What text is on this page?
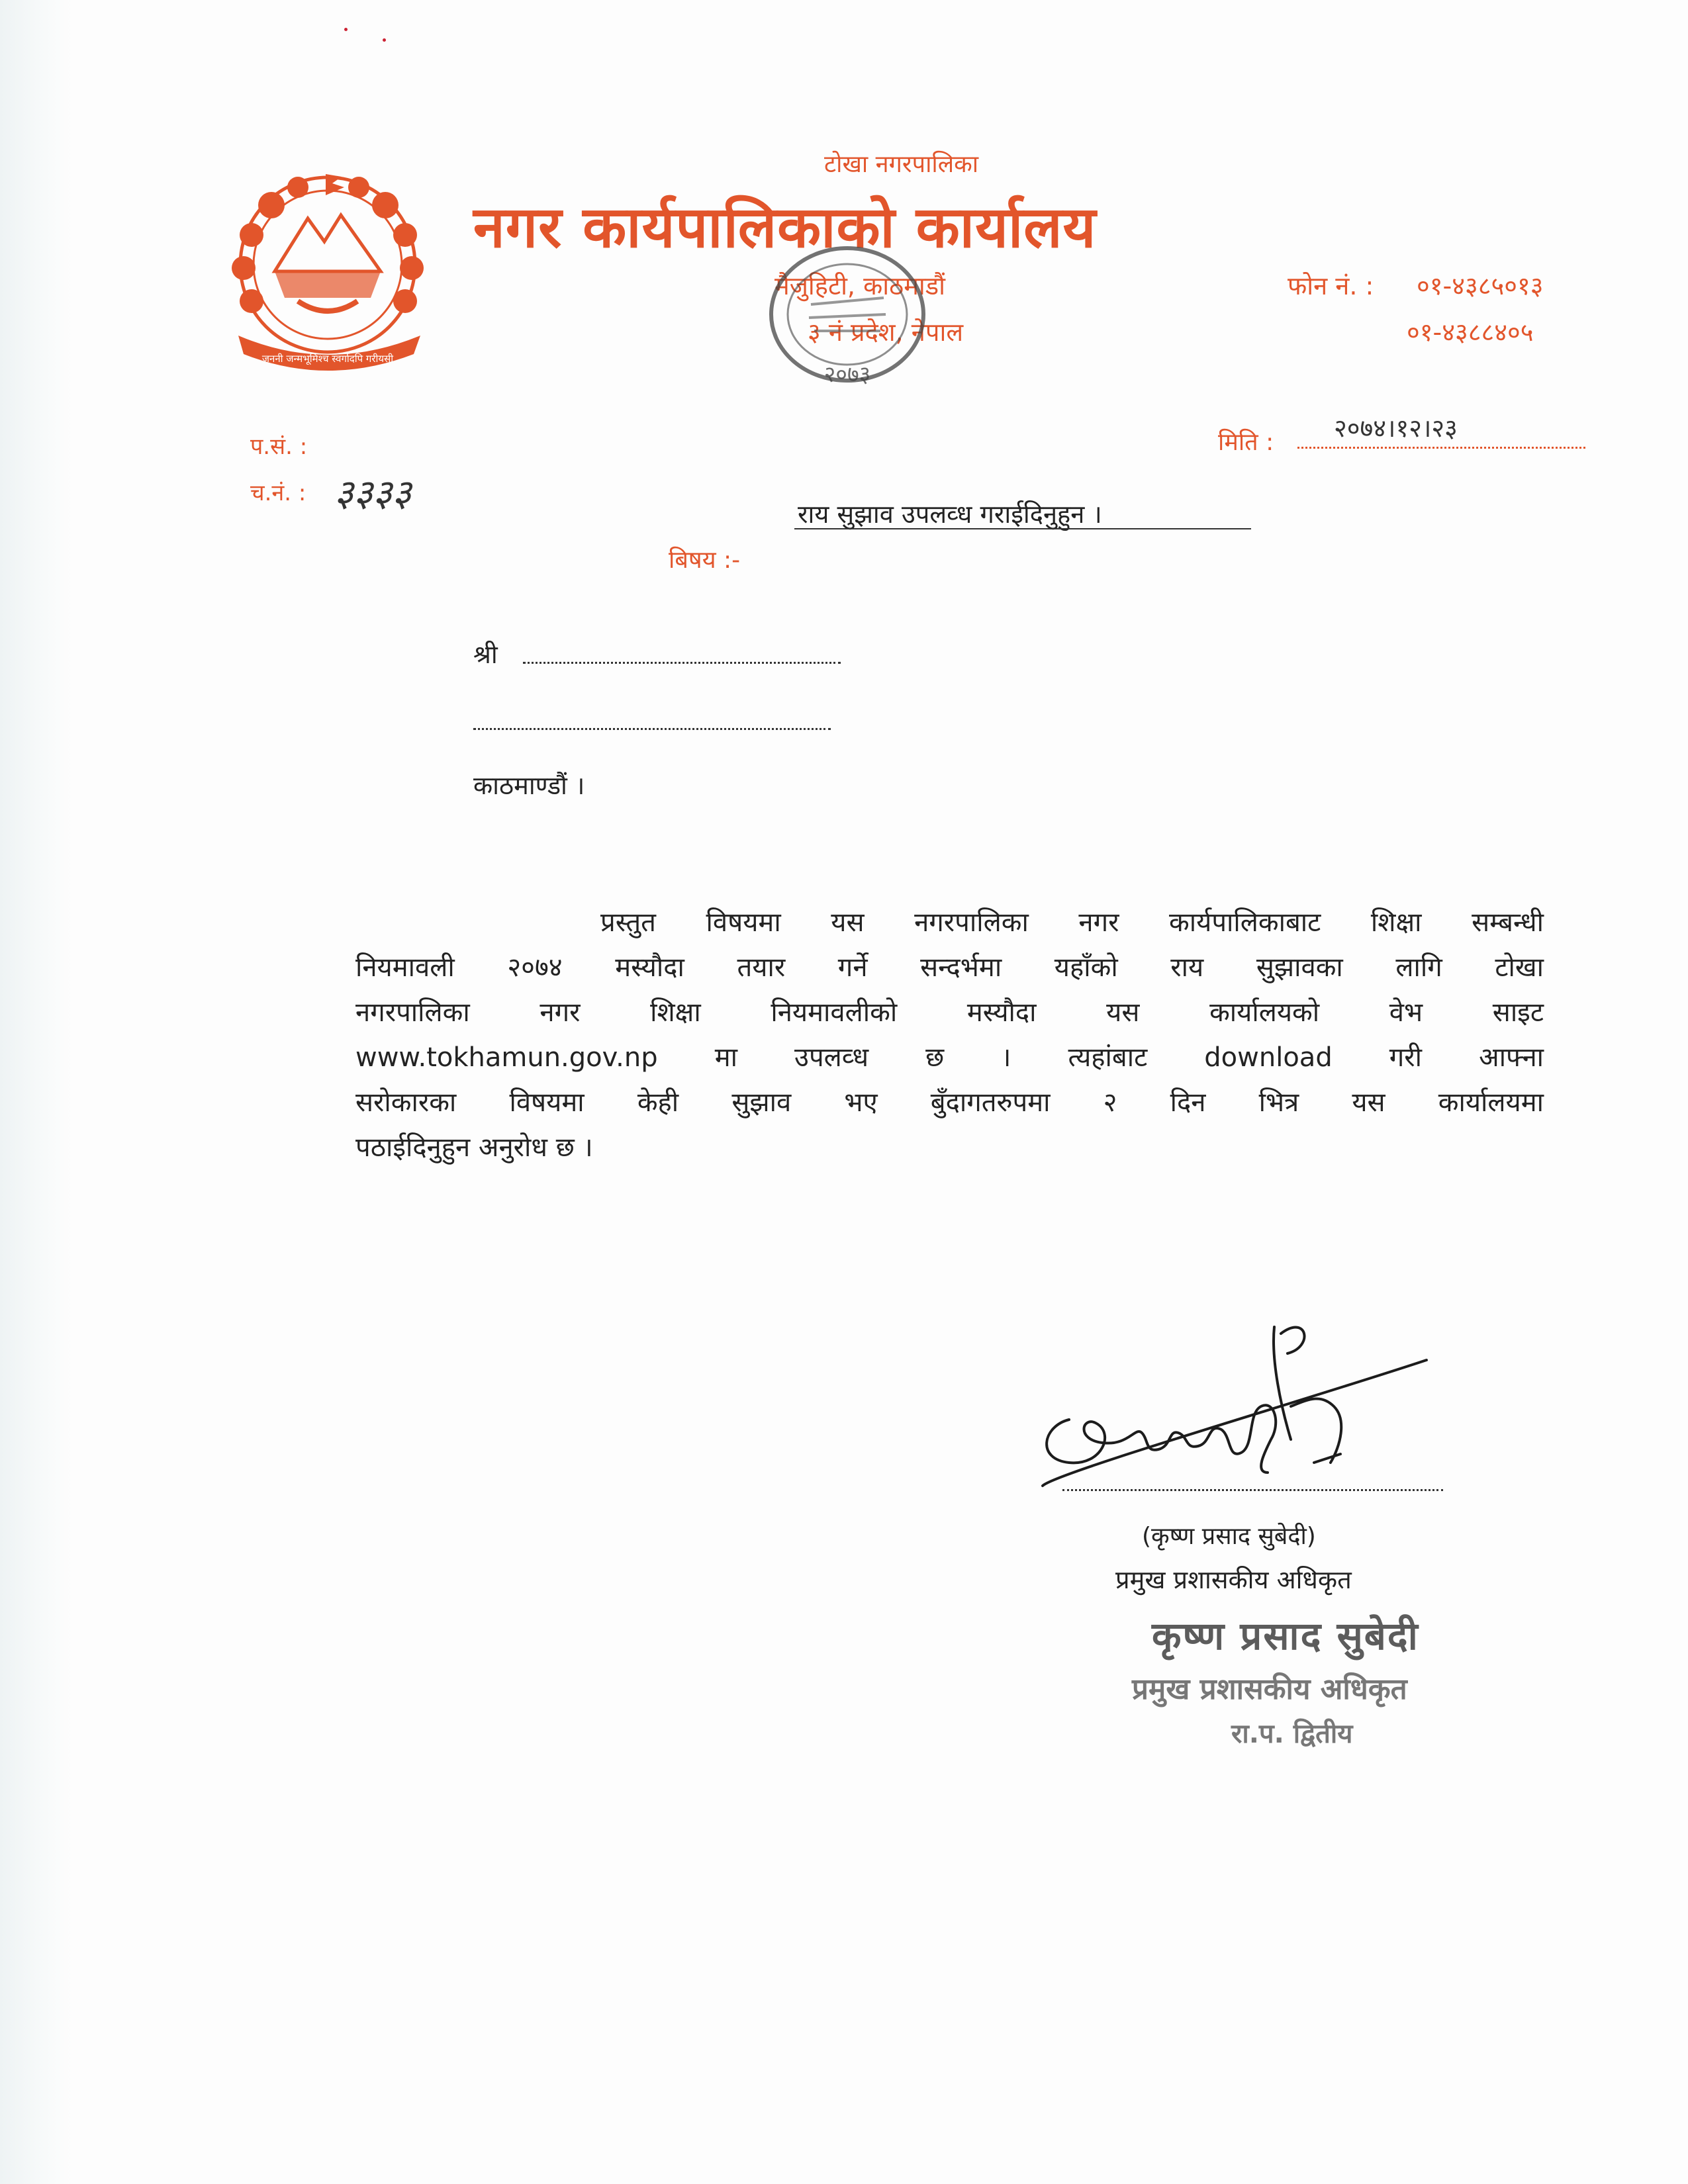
जननी जन्मभूमिश्च स्वर्गादपि गरीयसी
टोखा नगरपालिका
नगर कार्यपालिकाको कार्यालय
मैजुहिटी, काठमाडौं
३ नं प्रदेश, नेपाल
फोन नं. : ०१-४३८५०१३
०१-४३८८४०५
२०७३
प.सं. :
च.नं. : ३३३३
मिति : २०७४।१२।२३
राय सुझाव उपलव्ध गराईदिनुहुन ।
बिषय :-
श्री
काठमाण्डौं ।
प्रस्तुत विषयमा यस नगरपालिका नगर कार्यपालिकाबाट शिक्षा सम्बन्धी
नियमावली २०७४ मस्यौदा तयार गर्ने सन्दर्भमा यहाँको राय सुझावका लागि टोखा
नगरपालिका नगर शिक्षा नियमावलीको मस्यौदा यस कार्यालयको वेभ साइट
www.tokhamun.gov.np मा उपलव्ध छ । त्यहांबाट download गरी आफ्ना
सरोकारका विषयमा केही सुझाव भए बुँदागतरुपमा २ दिन भित्र यस कार्यालयमा
पठाईदिनुहुन अनुरोध छ ।
(कृष्ण प्रसाद सुबेदी)
प्रमुख प्रशासकीय अधिकृत
कृष्ण प्रसाद सुबेदी
प्रमुख प्रशासकीय अधिकृत
रा.प. द्वितीय
